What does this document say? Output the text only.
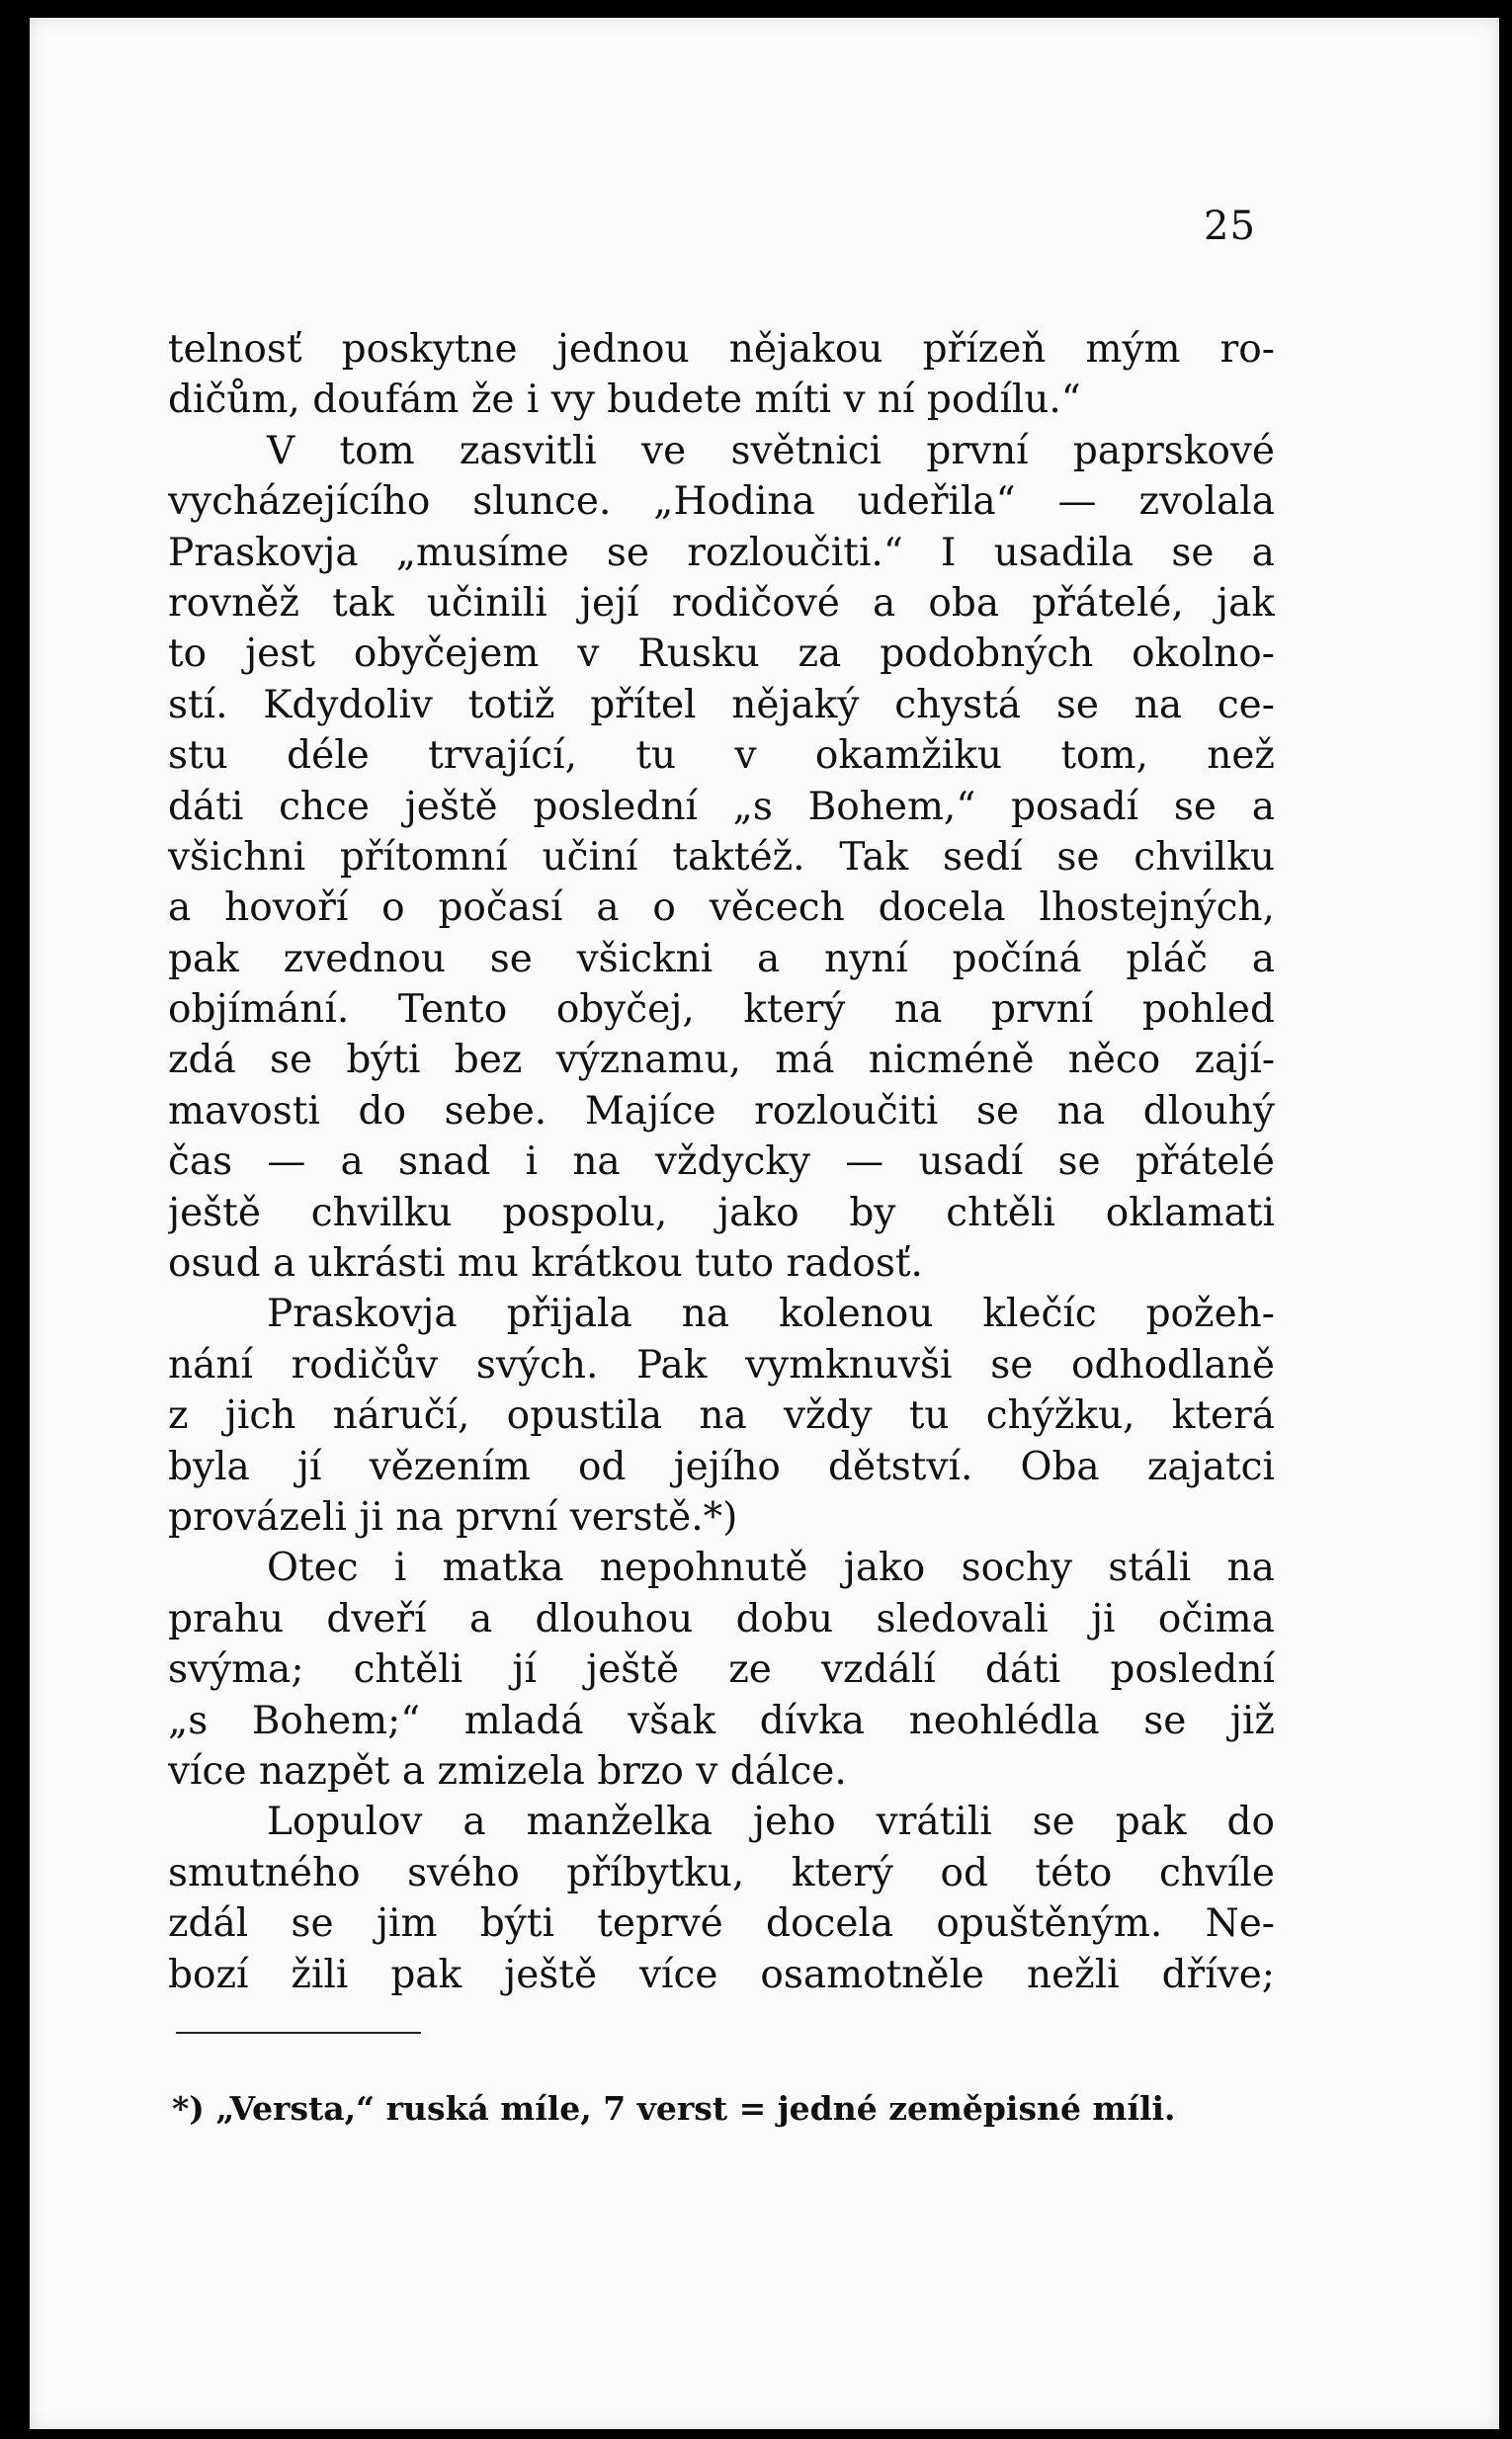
25
telnosť poskytne jednou nějakou přízeň mým ro-
dičům, doufám že i vy budete míti v ní podílu.“
V tom zasvitli ve světnici první paprskové
vycházejícího slunce. „Hodina udeřila“ — zvolala
Praskovja „musíme se rozloučiti.“ I usadila se a
rovněž tak učinili její rodičové a oba přátelé, jak
to jest obyčejem v Rusku za podobných okolno-
stí. Kdydoliv totiž přítel nějaký chystá se na ce-
stu déle trvající, tu v okamžiku tom, než
dáti chce ještě poslední „s Bohem,“ posadí se a
všichni přítomní učiní taktéž. Tak sedí se chvilku
a hovoří o počasí a o věcech docela lhostejných,
pak zvednou se všickni a nyní počíná pláč a
objímání. Tento obyčej, který na první pohled
zdá se býti bez významu, má nicméně něco zají-
mavosti do sebe. Majíce rozloučiti se na dlouhý
čas — a snad i na vždycky — usadí se přátelé
ještě chvilku pospolu, jako by chtěli oklamati
osud a ukrásti mu krátkou tuto radosť.
Praskovja přijala na kolenou klečíc požeh-
nání rodičův svých. Pak vymknuvši se odhodlaně
z jich náručí, opustila na vždy tu chýžku, která
byla jí vězením od jejího dětství. Oba zajatci
provázeli ji na první verstě.*)
Otec i matka nepohnutě jako sochy stáli na
prahu dveří a dlouhou dobu sledovali ji očima
svýma; chtěli jí ještě ze vzdálí dáti poslední
„s Bohem;“ mladá však dívka neohlédla se již
více nazpět a zmizela brzo v dálce.
Lopulov a manželka jeho vrátili se pak do
smutného svého příbytku, který od této chvíle
zdál se jim býti teprvé docela opuštěným. Ne-
bozí žili pak ještě více osamotněle nežli dříve;
*) „Versta,“ ruská míle, 7 verst = jedné zeměpisné míli.
